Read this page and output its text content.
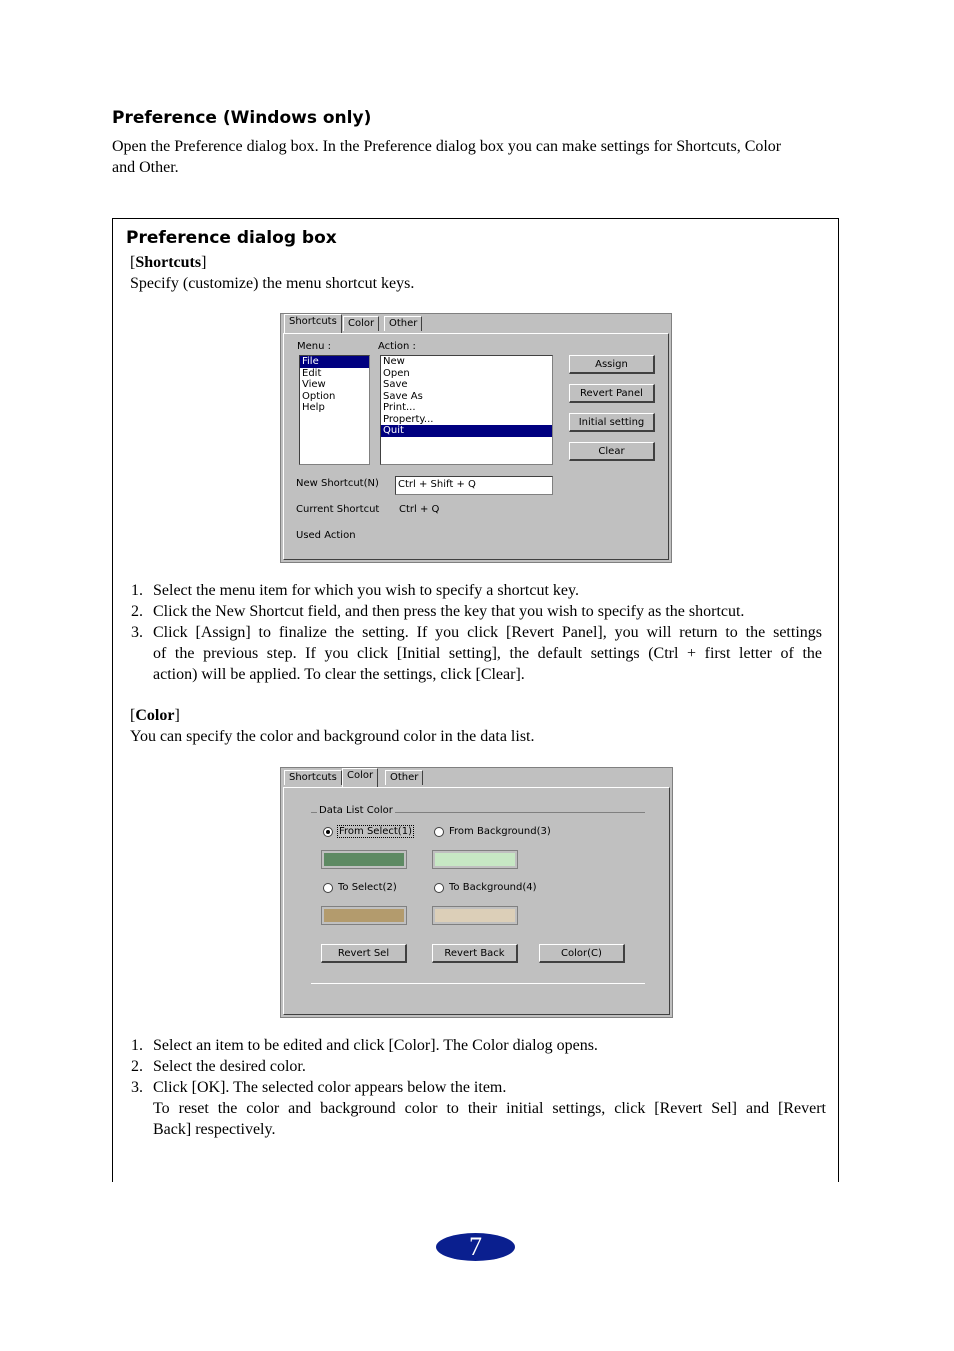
Preference (Windows only)
Open the Preference dialog box. In the Preference dialog box you can make settings for Shortcuts, Color
and Other.
Preference dialog box
[Shortcuts]
Specify (customize) the menu shortcut keys.
Shortcuts	Color	Other
Menu :	Action :
File
Edit
View
Option
Help
New
Open
Save
Save As
Print...
Property...
Quit
Assign
Revert Panel
Initial setting
Clear
New Shortcut(N)	Ctrl + Shift + Q
Current Shortcut Ctrl + Q
Used Action
1. Select the menu item for which you wish to specify a shortcut key.
2. Click the New Shortcut field, and then press the key that you wish to specify as the shortcut.
3. Click [Assign] to finalize the setting. If you click [Revert Panel], you will return to the settings
of the previous step. If you click [Initial setting], the default settings (Ctrl + first letter of the
action) will be applied. To clear the settings, click [Clear].
[Color]
You can specify the color and background color in the data list.
Shortcuts	Color	Other
Data List Color
From Select(1)	From Background(3)
To Select(2)	To Background(4)
Revert Sel	Revert Back	Color(C)
1. Select an item to be edited and click [Color]. The Color dialog opens.
2. Select the desired color.
3. Click [OK]. The selected color appears below the item.
To reset the color and background color to their initial settings, click [Revert Sel] and [Revert
Back] respectively.
7
